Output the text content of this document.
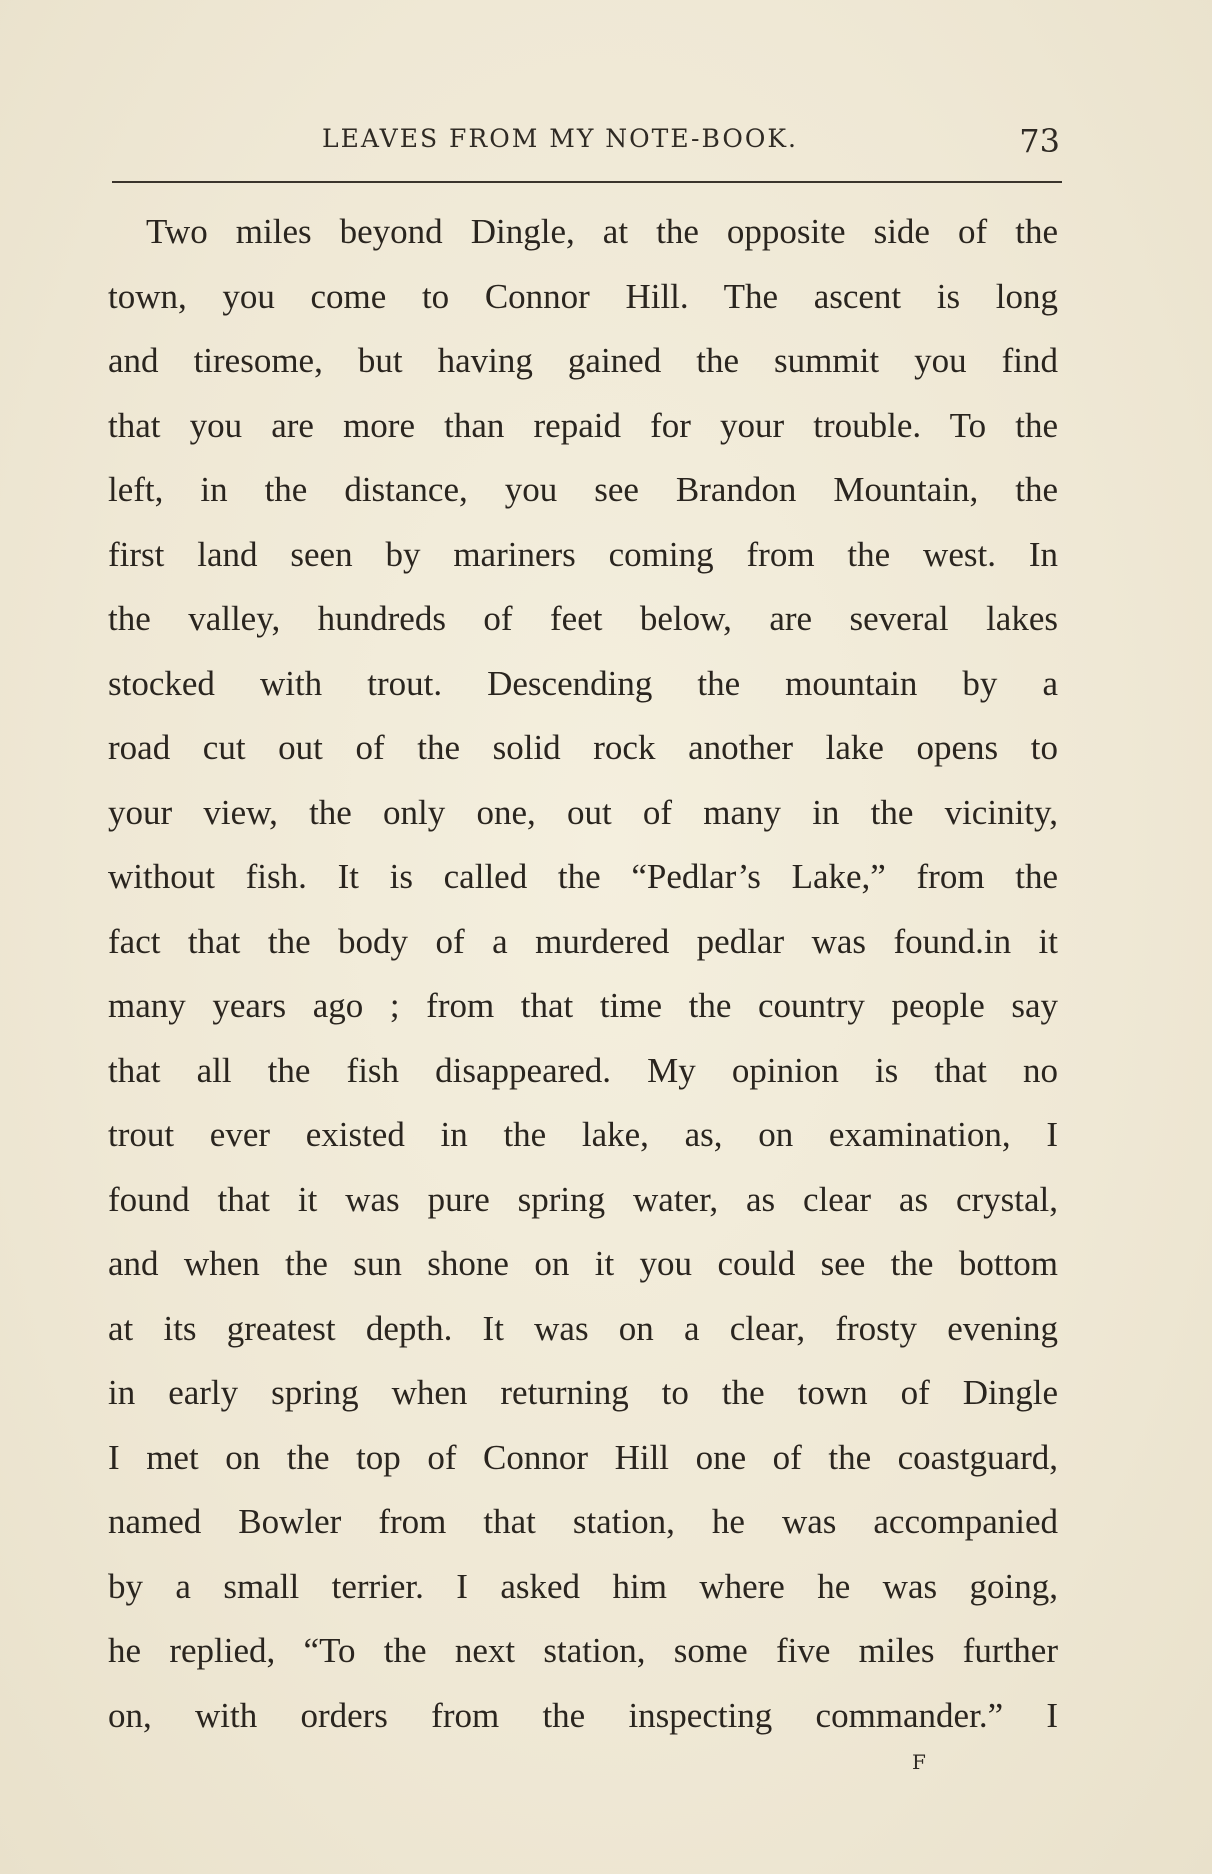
LEAVES FROM MY NOTE-BOOK.	73
Two miles beyond Dingle, at the opposite side of the
town, you come to Connor Hill. The ascent is long
and tiresome, but having gained the summit you find
that you are more than repaid for your trouble. To the
left, in the distance, you see Brandon Mountain, the
first land seen by mariners coming from the west. In
the valley, hundreds of feet below, are several lakes
stocked with trout. Descending the mountain by a
road cut out of the solid rock another lake opens to
your view, the only one, out of many in the vicinity,
without fish. It is called the “Pedlar’s Lake,” from the
fact that the body of a murdered pedlar was found.in it
many years ago ; from that time the country people say
that all the fish disappeared. My opinion is that no
trout ever existed in the lake, as, on examination, I
found that it was pure spring water, as clear as crystal,
and when the sun shone on it you could see the bottom
at its greatest depth. It was on a clear, frosty evening
in early spring when returning to the town of Dingle
I met on the top of Connor Hill one of the coastguard,
named Bowler from that station, he was accompanied
by a small terrier. I asked him where he was going,
he replied, “To the next station, some five miles further
on, with orders from the inspecting commander.” I
F
